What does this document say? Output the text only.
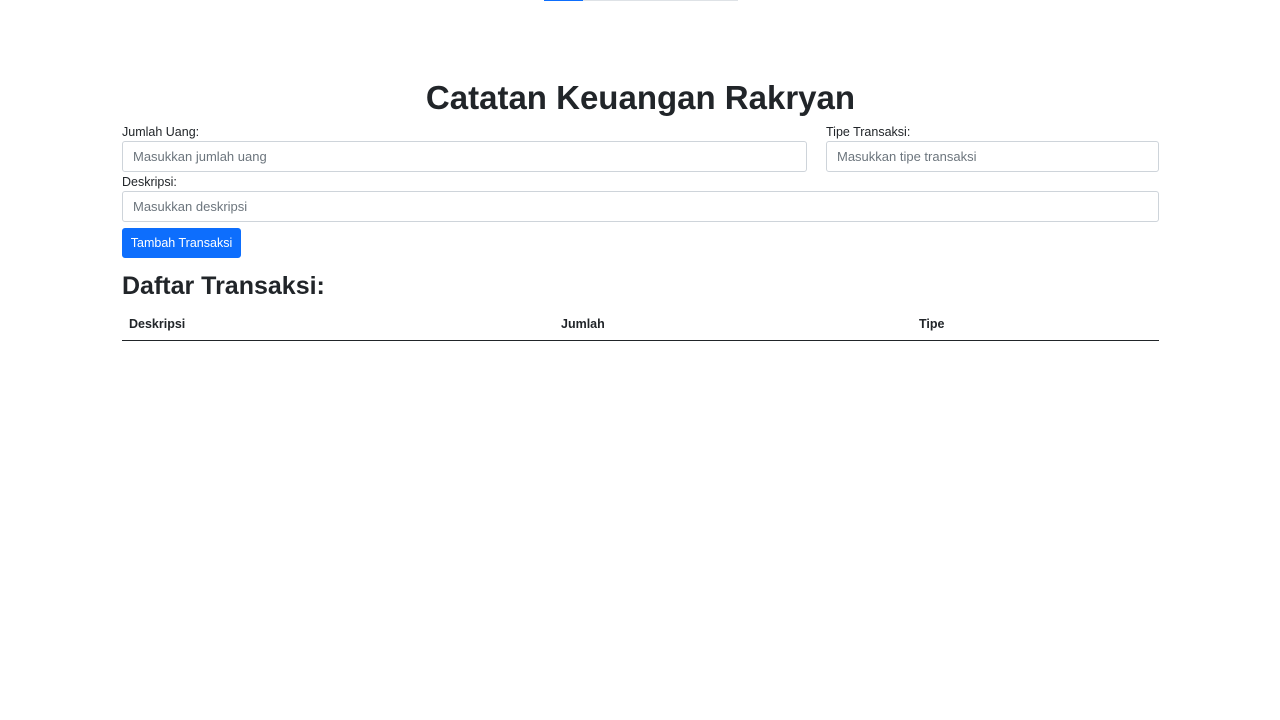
Catatan Keuangan Rakryan
Jumlah Uang:
Masukkan jumlah uang	Tipe Transaksi:
Masukkan tipe transaksi
Deskripsi:
Masukkan deskripsi
Tambah Transaksi
Daftar Transaksi:
Deskripsi	Jumlah	Tipe
